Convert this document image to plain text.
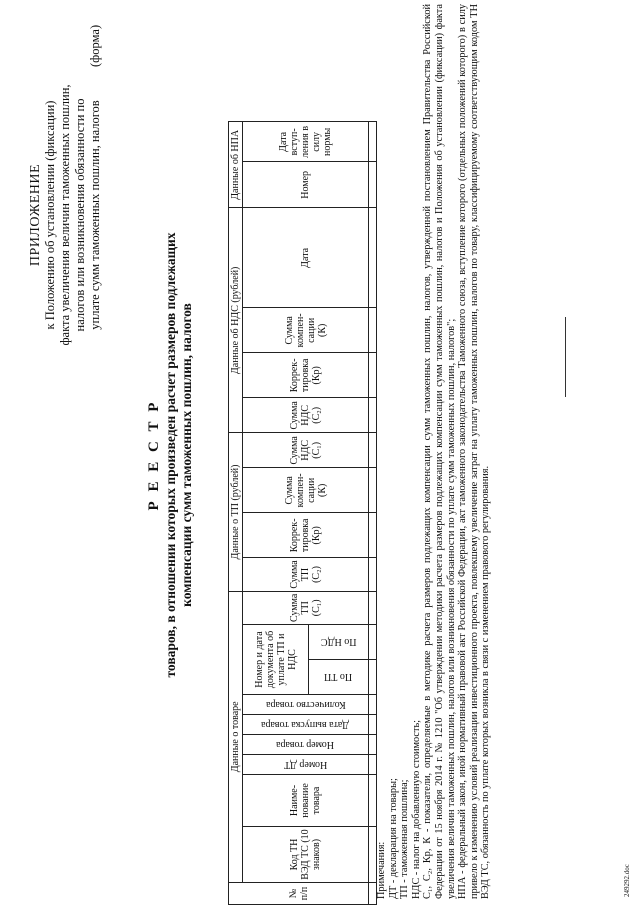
ПРИЛОЖЕНИЕ к Положению об установлении (фиксации) факта увеличения величин таможенных пошлин, налогов или возникновения обязанности по уплате сумм таможенных пошлин, налогов
(форма)
Р Е Е С Т Р товаров, в отношении которых произведен расчет размеров подлежащих компенсации сумм таможенных пошлин, налогов
№ п/п	Данные о товаре									Данные о ТП (рублей)				Данные об НДС (рублей)				Данные об НПА	
	Код ТН ВЭД ТС (10 знаков)	Наиме- нование товара	Номер ДТ	Номер товара	Дата выпуска товара	Количество товара	Номер и дата документа об уплате ТП и НДС		Сумма ТП (С₁)	Сумма ТП (С₂)	Коррек- тировка (Кр)	Сумма компен- сации (К)	Сумма НДС (С₁)	Сумма НДС (С₂)	Коррек- тировка (Кр)	Сумма компен- сации (К)	Дата	Номер	Дата вступ- ления в силу нормы

							По ТП	По НДС											

Примечания: ДТ - декларация на товары; ТП - таможенная пошлина; НДС - налог на добавленную стоимость; С₁, С₂, Кр, К - показатели, определяемые в методике расчета размеров подлежащих компенсации сумм таможенных пошлин, налогов, утвержденной постановлением Правительства Российской Федерации от 15 ноября 2014 г. № 1210 "Об утверждении методики расчета размеров подлежащих компенсации сумм таможенных пошлин, налогов и Положения об установлении (фиксации) факта увеличения величин таможенных пошлин, налогов или возникновения обязанности по уплате сумм таможенных пошлин, налогов"; НПА - федеральный закон, иной нормативный правовой акт Российской Федерации, акт таможенного законодательства Таможенного союза, вступление которого (отдельных положений которого) в силу привело к изменению условий реализации инвестиционного проекта, повлекшему увеличение затрат на уплату таможенных пошлин, налогов по товару, классифицируемому соответствующим кодом ТН ВЭД ТС, обязанность по уплате которых возникла в связи с изменением правового регулирования.	249292.doc
